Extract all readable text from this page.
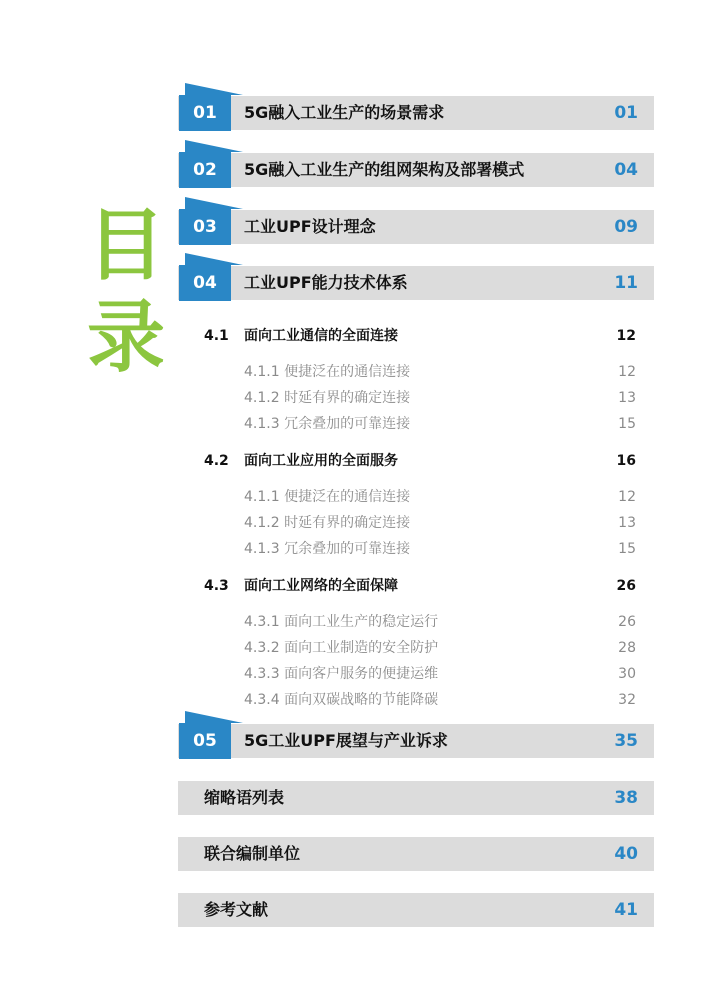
目
录
01	5G融入工业生产的场景需求	01
02	5G融入工业生产的组网架构及部署模式	04
03	工业UPF设计理念	09
04	工业UPF能力技术体系	11
4.1 面向工业通信的全面连接	12
4.1.1 便捷泛在的通信连接	12
4.1.2 时延有界的确定连接	13
4.1.3 冗余叠加的可靠连接	15
4.2 面向工业应用的全面服务	16
4.1.1 便捷泛在的通信连接	12
4.1.2 时延有界的确定连接	13
4.1.3 冗余叠加的可靠连接	15
4.3 面向工业网络的全面保障	26
4.3.1 面向工业生产的稳定运行	26
4.3.2 面向工业制造的安全防护	28
4.3.3 面向客户服务的便捷运维	30
4.3.4 面向双碳战略的节能降碳	32
05	5G工业UPF展望与产业诉求	35
缩略语列表	38
联合编制单位	40
参考文献	41
